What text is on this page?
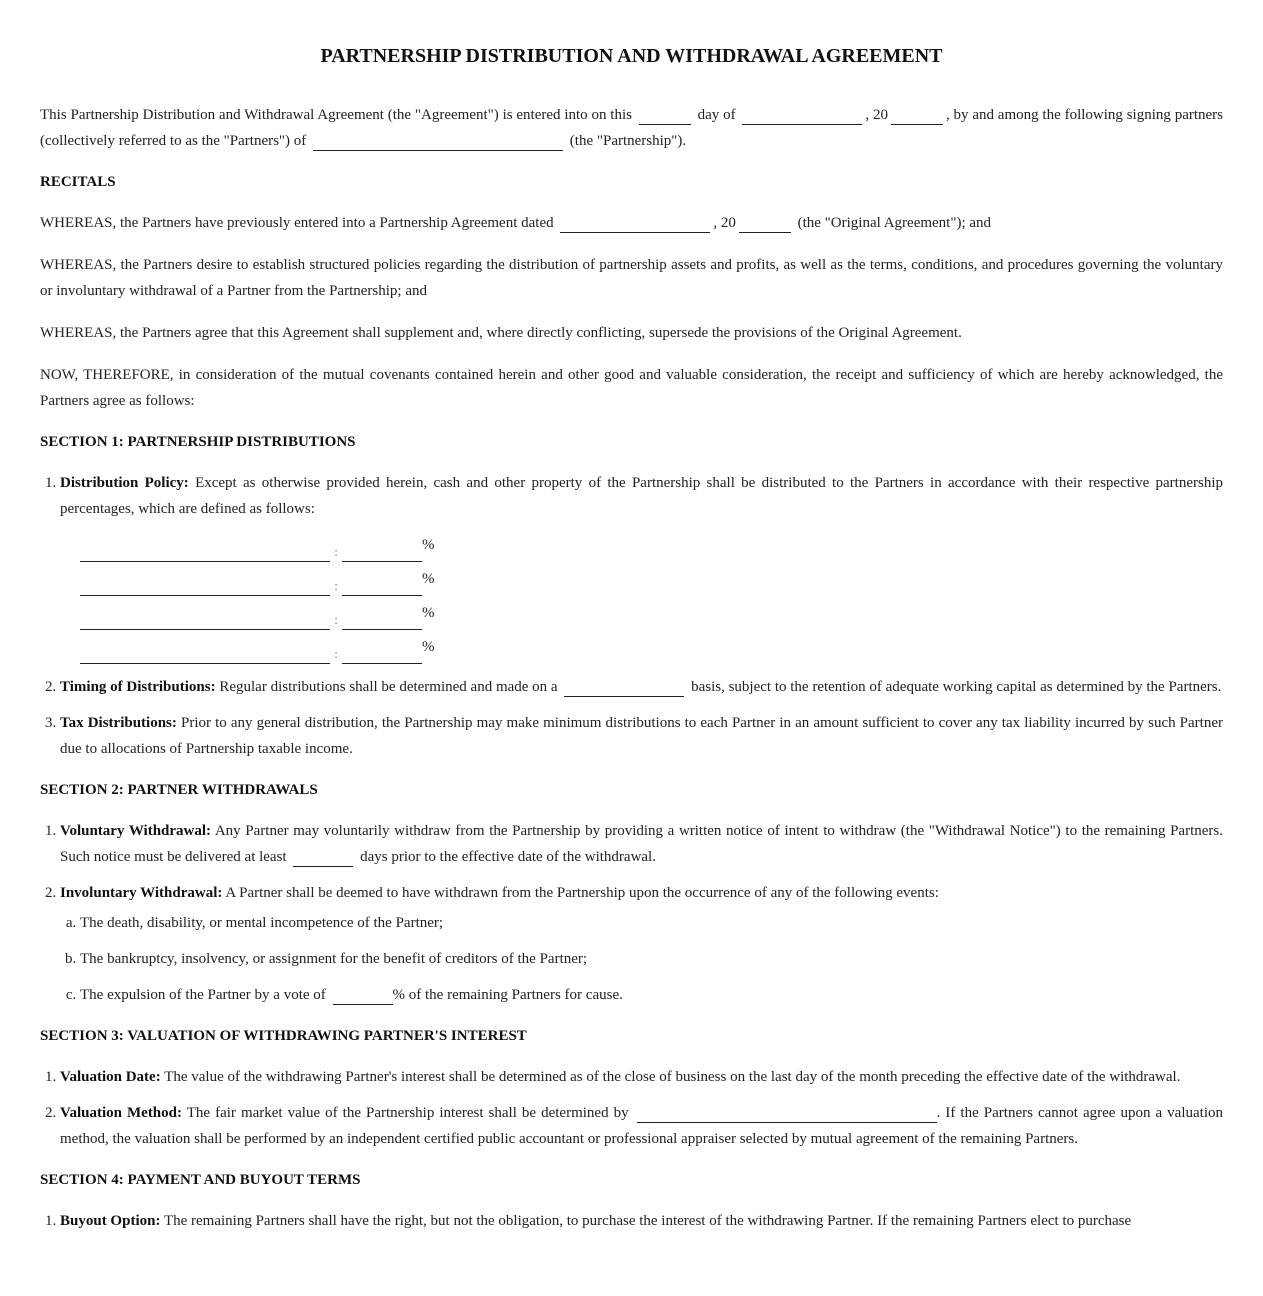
PARTNERSHIP DISTRIBUTION AND WITHDRAWAL AGREEMENT

This Partnership Distribution and Withdrawal Agreement (the "Agreement") is entered into on this	day of	, 20	, by and among the following signing partners (collectively referred to as the "Partners") of	(the "Partnership").

RECITALS

WHEREAS, the Partners have previously entered into a Partnership Agreement dated	, 20	(the "Original Agreement"); and

WHEREAS, the Partners desire to establish structured policies regarding the distribution of partnership assets and profits, as well as the terms, conditions, and procedures governing the voluntary or involuntary withdrawal of a Partner from the Partnership; and

WHEREAS, the Partners agree that this Agreement shall supplement and, where directly conflicting, supersede the provisions of the Original Agreement.

NOW, THEREFORE, in consideration of the mutual covenants contained herein and other good and valuable consideration, the receipt and sufficiency of which are hereby acknowledged, the Partners agree as follows:

SECTION 1: PARTNERSHIP DISTRIBUTIONS
1. Distribution Policy: Except as otherwise provided herein, cash and other property of the Partnership shall be distributed to the Partners in accordance with their respective partnership percentages, which are defined as follows:
:	%
:	%
:	%
:	%
2. Timing of Distributions: Regular distributions shall be determined and made on a	basis, subject to the retention of adequate working capital as determined by the Partners.
3. Tax Distributions: Prior to any general distribution, the Partnership may make minimum distributions to each Partner in an amount sufficient to cover any tax liability incurred by such Partner due to allocations of Partnership taxable income.
SECTION 2: PARTNER WITHDRAWALS
1. Voluntary Withdrawal: Any Partner may voluntarily withdraw from the Partnership by providing a written notice of intent to withdraw (the "Withdrawal Notice") to the remaining Partners. Such notice must be delivered at least	days prior to the effective date of the withdrawal.
2. Involuntary Withdrawal: A Partner shall be deemed to have withdrawn from the Partnership upon the occurrence of any of the following events:
a. The death, disability, or mental incompetence of the Partner;
b. The bankruptcy, insolvency, or assignment for the benefit of creditors of the Partner;
c. The expulsion of the Partner by a vote of	% of the remaining Partners for cause.
SECTION 3: VALUATION OF WITHDRAWING PARTNER'S INTEREST
1. Valuation Date: The value of the withdrawing Partner's interest shall be determined as of the close of business on the last day of the month preceding the effective date of the withdrawal.
2. Valuation Method: The fair market value of the Partnership interest shall be determined by	. If the Partners cannot agree upon a valuation method, the valuation shall be performed by an independent certified public accountant or professional appraiser selected by mutual agreement of the remaining Partners.
SECTION 4: PAYMENT AND BUYOUT TERMS
1. Buyout Option: The remaining Partners shall have the right, but not the obligation, to purchase the interest of the withdrawing Partner. If the remaining Partners elect to purchase
